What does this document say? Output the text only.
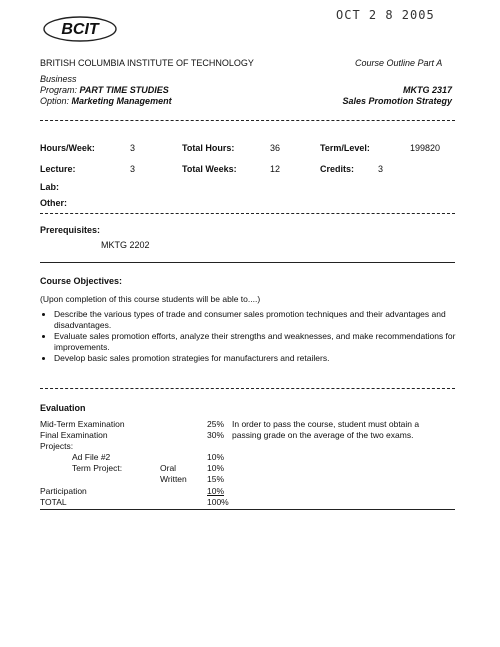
OCT 2 8 2005
BCIT
BRITISH COLUMBIA INSTITUTE OF TECHNOLOGY	Course Outline Part A
Business
Program: PART TIME STUDIES
Option: Marketing Management
MKTG 2317
Sales Promotion Strategy
Hours/Week:	3	Total Hours:	36	Term/Level:	199820
Lecture:	3	Total Weeks:	12	Credits:	3
Lab:
Other:
Prerequisites:
MKTG 2202
Course Objectives:
(Upon completion of this course students will be able to....)
• Describe the various types of trade and consumer sales promotion techniques and their advantages and disadvantages.
• Evaluate sales promotion efforts, analyze their strengths and weaknesses, and make recommendations for improvements.
• Develop basic sales promotion strategies for manufacturers and retailers.
Evaluation
Mid-Term Examination	25% In order to pass the course, student must obtain a
Final Examination	30% passing grade on the average of the two exams.
Projects:
Ad File #2	10%
Term Project:	Oral	10%
Written 15%
Participation	10%
TOTAL	100%
